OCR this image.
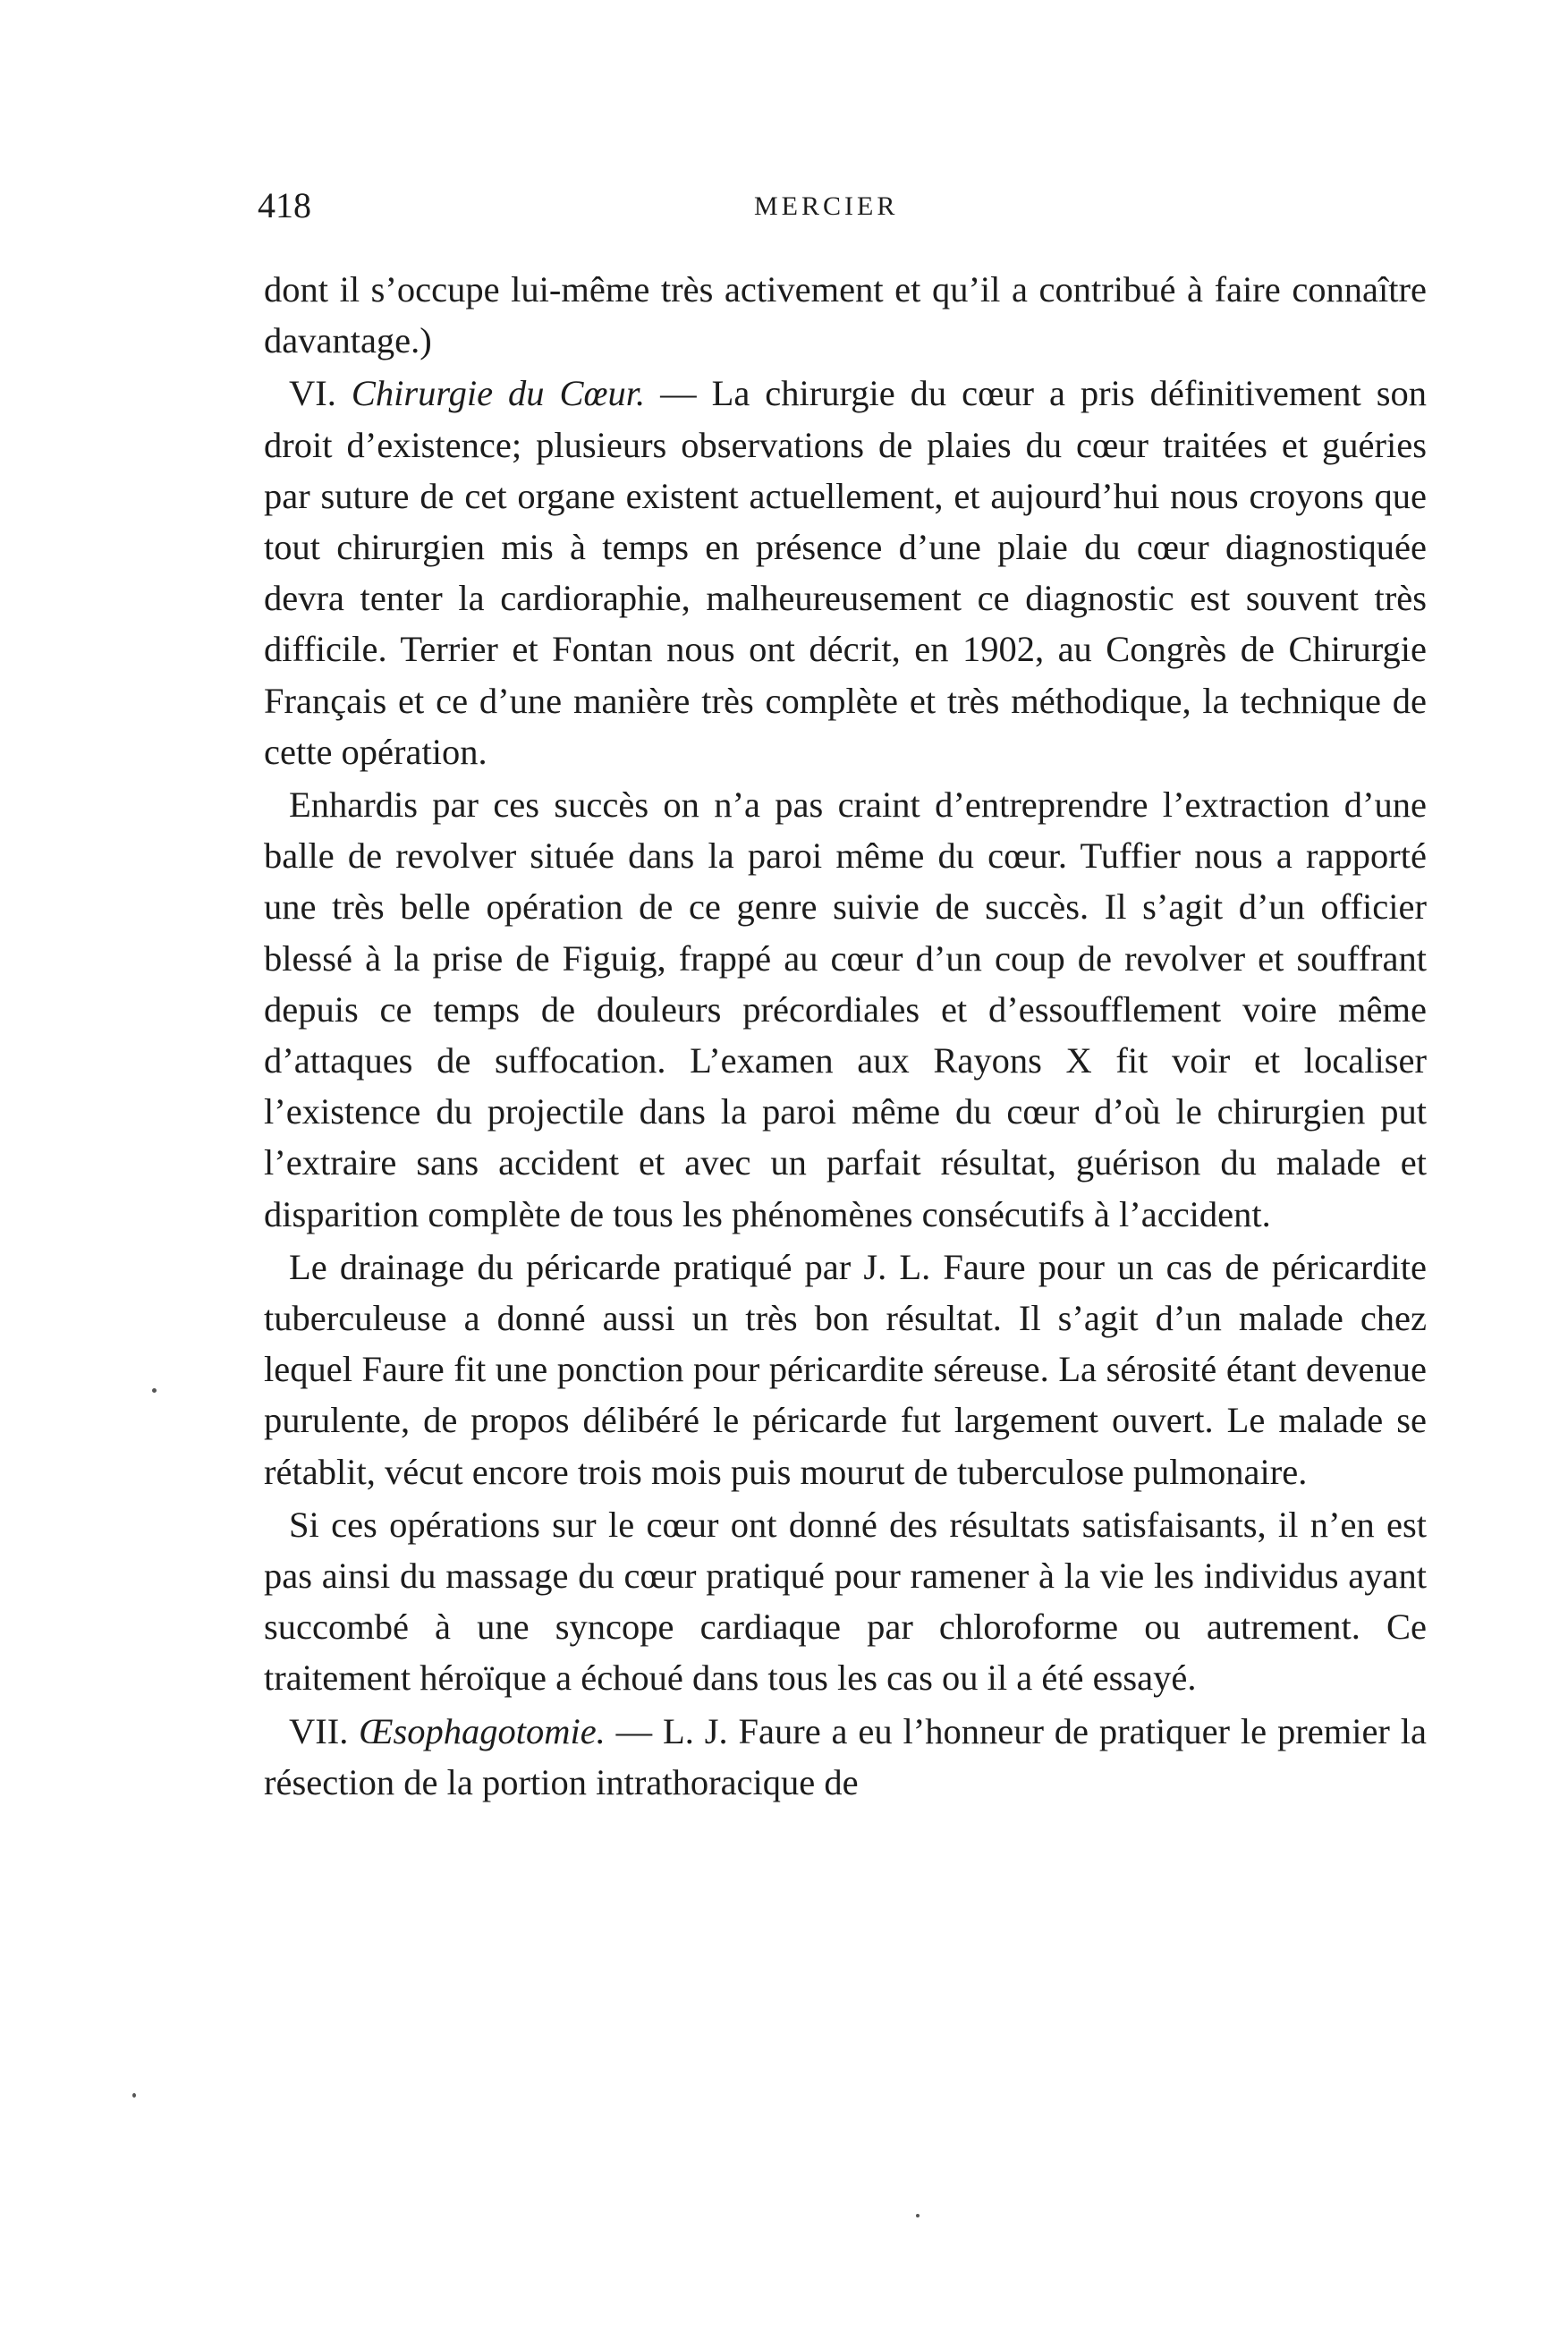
418	MERCIER

dont il s’occupe lui-même très activement et qu’il a contribué à faire connaître davantage.)

VI. Chirurgie du Cœur. — La chirurgie du cœur a pris définitivement son droit d’existence; plusieurs observations de plaies du cœur traitées et guéries par suture de cet organe existent actuellement, et aujourd’hui nous croyons que tout chirurgien mis à temps en présence d’une plaie du cœur diagnostiquée devra tenter la cardioraphie, malheureusement ce diagnostic est souvent très difficile. Terrier et Fontan nous ont décrit, en 1902, au Congrès de Chirurgie Français et ce d’une manière très complète et très méthodique, la technique de cette opération.

Enhardis par ces succès on n’a pas craint d’entreprendre l’extraction d’une balle de revolver située dans la paroi même du cœur. Tuffier nous a rapporté une très belle opération de ce genre suivie de succès. Il s’agit d’un officier blessé à la prise de Figuig, frappé au cœur d’un coup de revolver et souffrant depuis ce temps de douleurs précordiales et d’essoufflement voire même d’attaques de suffocation. L’examen aux Rayons X fit voir et localiser l’existence du projectile dans la paroi même du cœur d’où le chirurgien put l’extraire sans accident et avec un parfait résultat, guérison du malade et disparition complète de tous les phénomènes consécutifs à l’accident.

Le drainage du péricarde pratiqué par J. L. Faure pour un cas de péricardite tuberculeuse a donné aussi un très bon résultat. Il s’agit d’un malade chez lequel Faure fit une ponction pour péricardite séreuse. La sérosité étant devenue purulente, de propos délibéré le péricarde fut largement ouvert. Le malade se rétablit, vécut encore trois mois puis mourut de tuberculose pulmonaire.

Si ces opérations sur le cœur ont donné des résultats satisfaisants, il n’en est pas ainsi du massage du cœur pratiqué pour ramener à la vie les individus ayant succombé à une syncope cardiaque par chloroforme ou autrement. Ce traitement héroïque a échoué dans tous les cas ou il a été essayé.

VII. Œsophagotomie. — L. J. Faure a eu l’honneur de pratiquer le premier la résection de la portion intrathoracique de
